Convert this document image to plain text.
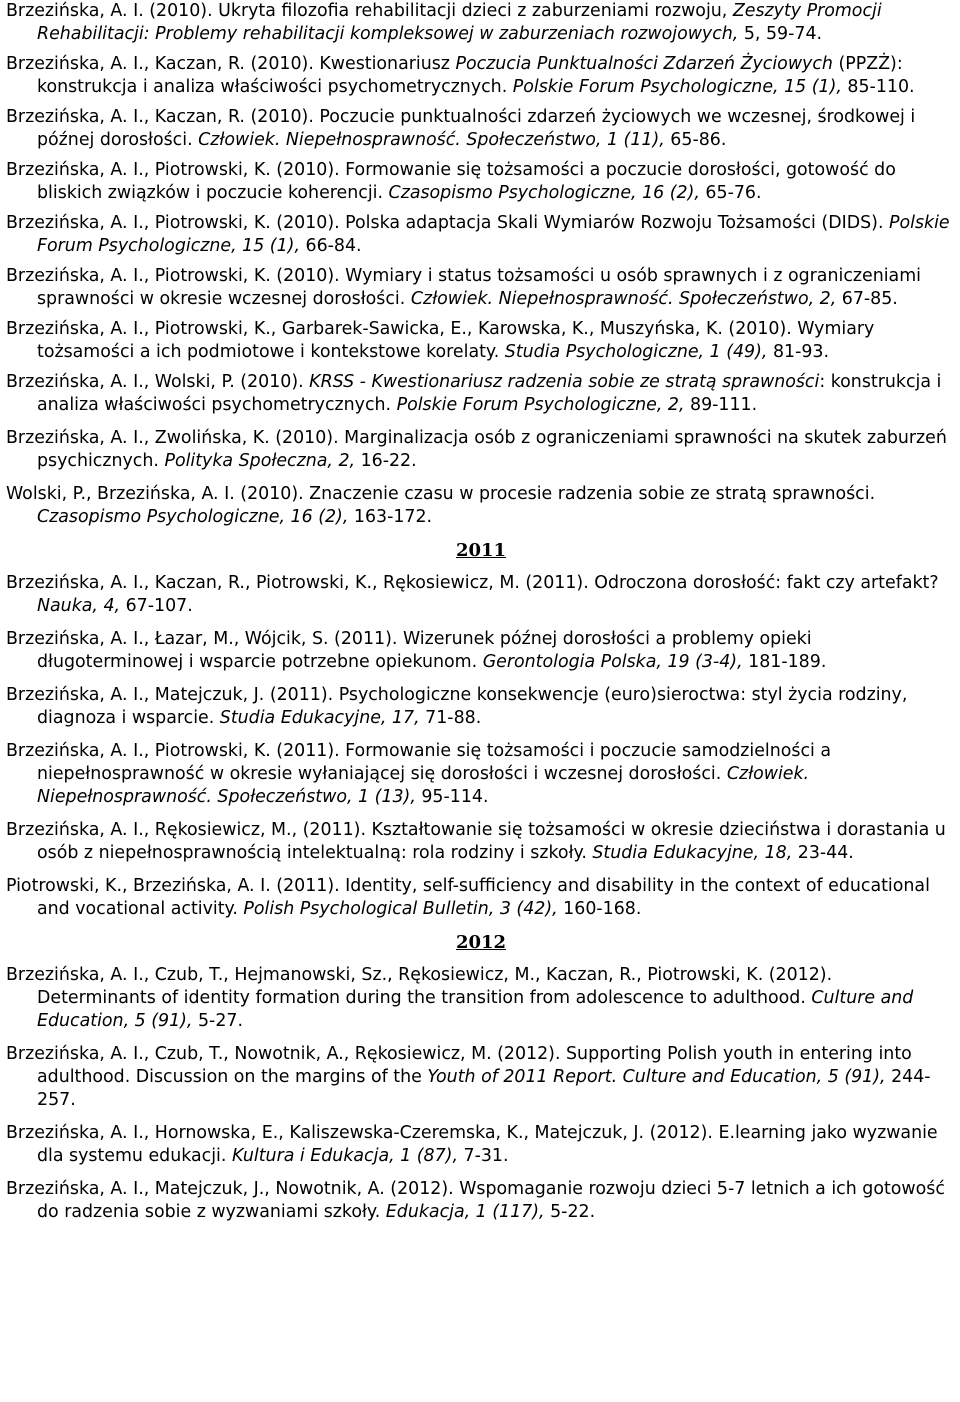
Brzezińska, A. I. (2010). Ukryta filozofia rehabilitacji dzieci z zaburzeniami rozwoju, Zeszyty Promocji Rehabilitacji: Problemy rehabilitacji kompleksowej w zaburzeniach rozwojowych, 5, 59-74.

Brzezińska, A. I., Kaczan, R. (2010). Kwestionariusz Poczucia Punktualności Zdarzeń Życiowych (PPZŻ): konstrukcja i analiza właściwości psychometrycznych. Polskie Forum Psychologiczne, 15 (1), 85-110.

Brzezińska, A. I., Kaczan, R. (2010). Poczucie punktualności zdarzeń życiowych we wczesnej, środkowej i późnej dorosłości. Człowiek. Niepełnosprawność. Społeczeństwo, 1 (11), 65-86.

Brzezińska, A. I., Piotrowski, K. (2010). Formowanie się tożsamości a poczucie dorosłości, gotowość do bliskich związków i poczucie koherencji. Czasopismo Psychologiczne, 16 (2), 65-76.

Brzezińska, A. I., Piotrowski, K. (2010). Polska adaptacja Skali Wymiarów Rozwoju Tożsamości (DIDS). Polskie Forum Psychologiczne, 15 (1), 66-84.

Brzezińska, A. I., Piotrowski, K. (2010). Wymiary i status tożsamości u osób sprawnych i z ograniczeniami sprawności w okresie wczesnej dorosłości. Człowiek. Niepełnosprawność. Społeczeństwo, 2, 67-85.

Brzezińska, A. I., Piotrowski, K., Garbarek-Sawicka, E., Karowska, K., Muszyńska, K. (2010). Wymiary tożsamości a ich podmiotowe i kontekstowe korelaty. Studia Psychologiczne, 1 (49), 81-93.

Brzezińska, A. I., Wolski, P. (2010). KRSS - Kwestionariusz radzenia sobie ze stratą sprawności: konstrukcja i analiza właściwości psychometrycznych. Polskie Forum Psychologiczne, 2, 89-111.

Brzezińska, A. I., Zwolińska, K. (2010). Marginalizacja osób z ograniczeniami sprawności na skutek zaburzeń psychicznych. Polityka Społeczna, 2, 16-22.

Wolski, P., Brzezińska, A. I. (2010). Znaczenie czasu w procesie radzenia sobie ze stratą sprawności. Czasopismo Psychologiczne, 16 (2), 163-172.

2011

Brzezińska, A. I., Kaczan, R., Piotrowski, K., Rękosiewicz, M. (2011). Odroczona dorosłość: fakt czy artefakt? Nauka, 4, 67-107.

Brzezińska, A. I., Łazar, M., Wójcik, S. (2011). Wizerunek późnej dorosłości a problemy opieki długoterminowej i wsparcie potrzebne opiekunom. Gerontologia Polska, 19 (3-4), 181-189.

Brzezińska, A. I., Matejczuk, J. (2011). Psychologiczne konsekwencje (euro)sieroctwa: styl życia rodziny, diagnoza i wsparcie. Studia Edukacyjne, 17, 71-88.

Brzezińska, A. I., Piotrowski, K. (2011). Formowanie się tożsamości i poczucie samodzielności a niepełnosprawność w okresie wyłaniającej się dorosłości i wczesnej dorosłości. Człowiek. Niepełnosprawność. Społeczeństwo, 1 (13), 95-114.

Brzezińska, A. I., Rękosiewicz, M., (2011). Kształtowanie się tożsamości w okresie dzieciństwa i dorastania u osób z niepełnosprawnością intelektualną: rola rodziny i szkoły. Studia Edukacyjne, 18, 23-44.

Piotrowski, K., Brzezińska, A. I. (2011). Identity, self-sufficiency and disability in the context of educational and vocational activity. Polish Psychological Bulletin, 3 (42), 160-168.

2012

Brzezińska, A. I., Czub, T., Hejmanowski, Sz., Rękosiewicz, M., Kaczan, R., Piotrowski, K. (2012). Determinants of identity formation during the transition from adolescence to adulthood. Culture and Education, 5 (91), 5-27.

Brzezińska, A. I., Czub, T., Nowotnik, A., Rękosiewicz, M. (2012). Supporting Polish youth in entering into adulthood. Discussion on the margins of the Youth of 2011 Report. Culture and Education, 5 (91), 244-257.

Brzezińska, A. I., Hornowska, E., Kaliszewska-Czeremska, K., Matejczuk, J. (2012). E.learning jako wyzwanie dla systemu edukacji. Kultura i Edukacja, 1 (87), 7-31.

Brzezińska, A. I., Matejczuk, J., Nowotnik, A. (2012). Wspomaganie rozwoju dzieci 5-7 letnich a ich gotowość do radzenia sobie z wyzwaniami szkoły. Edukacja, 1 (117), 5-22.
